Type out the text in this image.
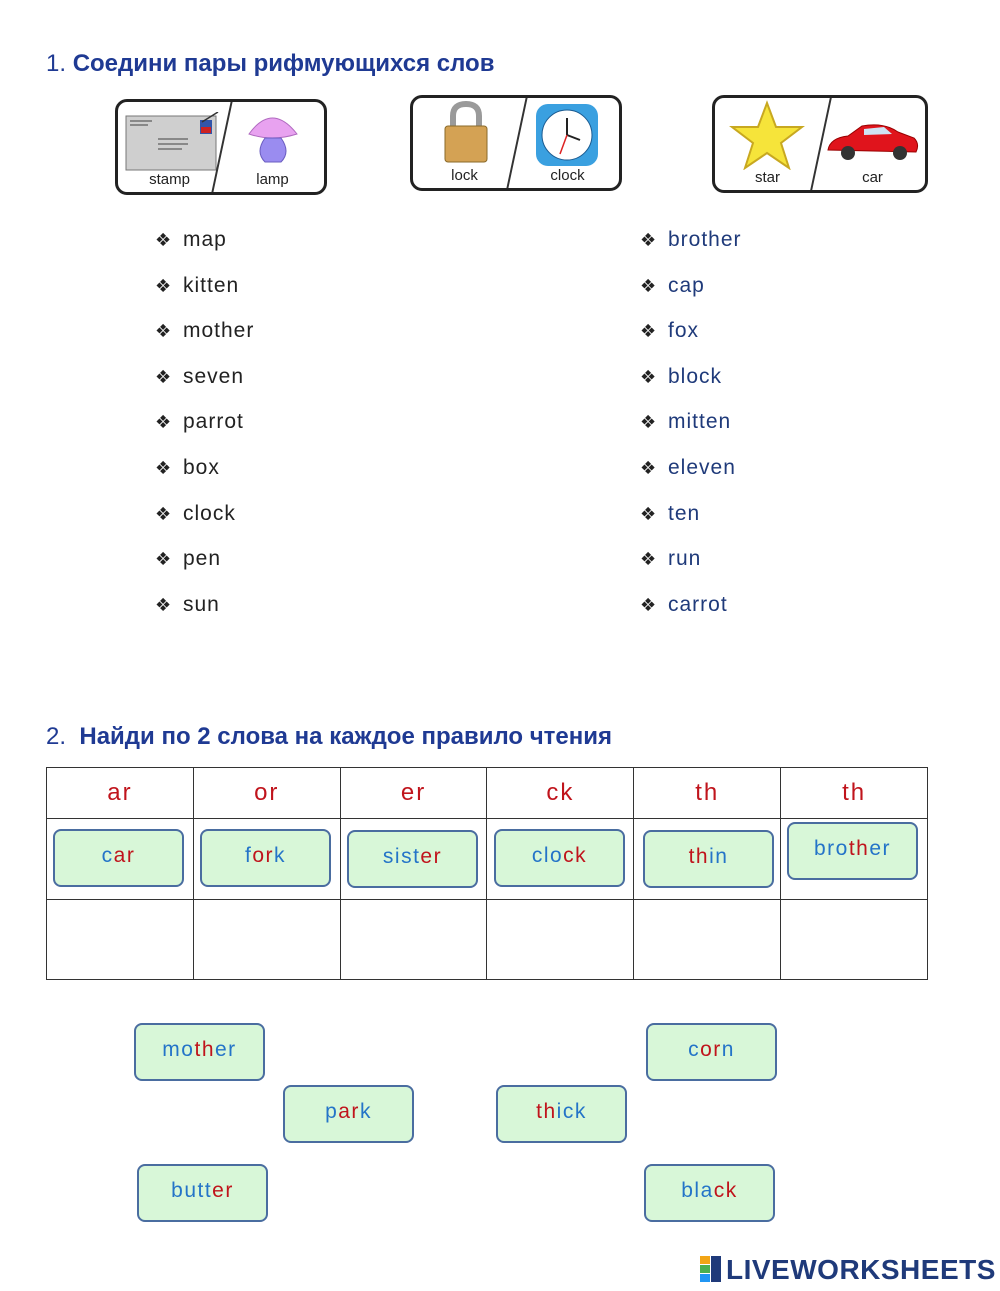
1. Соедини пары рифмующихся слов
stamp	lamp	lock	clock	star	car
❖ map
❖ kitten
❖ mother
❖ seven
❖ parrot
❖ box
❖ clock
❖ pen
❖ sun
❖ brother
❖ cap
❖ fox
❖ block
❖ mitten
❖ eleven
❖ ten
❖ run
❖ carrot
2. Найди по 2 слова на каждое правило чтения
ar	or	er	ck	th	th

car	fork	sister	clock	thin	brother
mother	corn
park	thick
butter	black
LIVEWORKSHEETS
